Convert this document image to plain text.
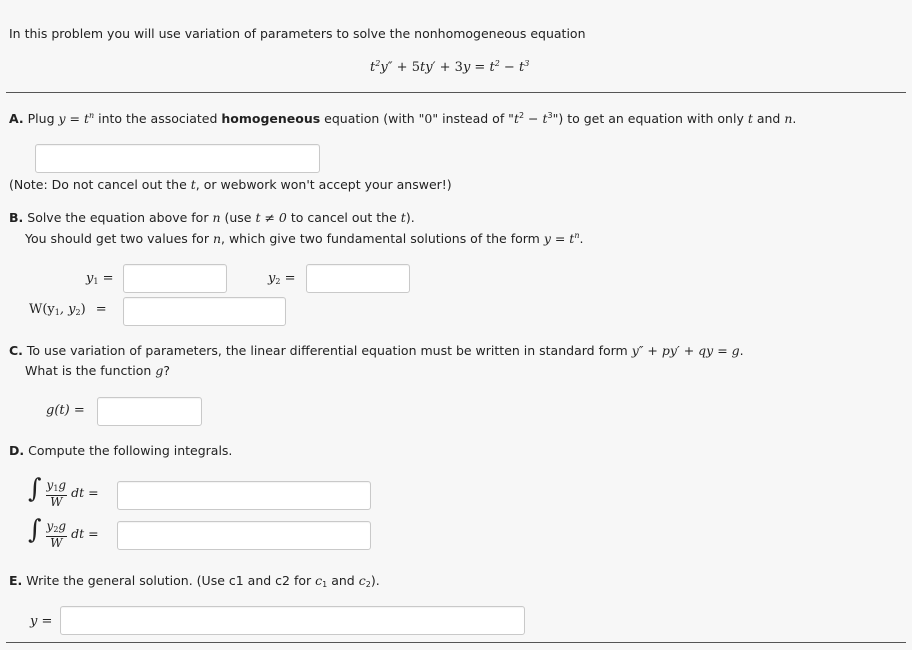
In this problem you will use variation of parameters to solve the nonhomogeneous equation
$t^2y'' + 5ty' + 3y = t^2 - t^3$
A. Plug $y = t^n$ into the associated homogeneous equation (with "0" instead of "$t^2$ − $t^3$") to get an equation with only t and n.
(Note: Do not cancel out the t, or webwork won't accept your answer!)
B. Solve the equation above for n (use t ≠ 0 to cancel out the t).
You should get two values for n, which give two fundamental solutions of the form $y = t^n$.
$y_1$ =	$y_2$ =
$W(y_1$, $y_2$) =
C. To use variation of parameters, the linear differential equation must be written in standard form y″ + py′ + qy = g.
What is the function g?
g(t) =
D. Compute the following integrals.
∫ $\frac{y_1g}{W}$ dt =
∫ $\frac{y_2g}{W}$ dt =
E. Write the general solution. (Use c1 and c2 for $c_1$ and $c_2$).
y =
